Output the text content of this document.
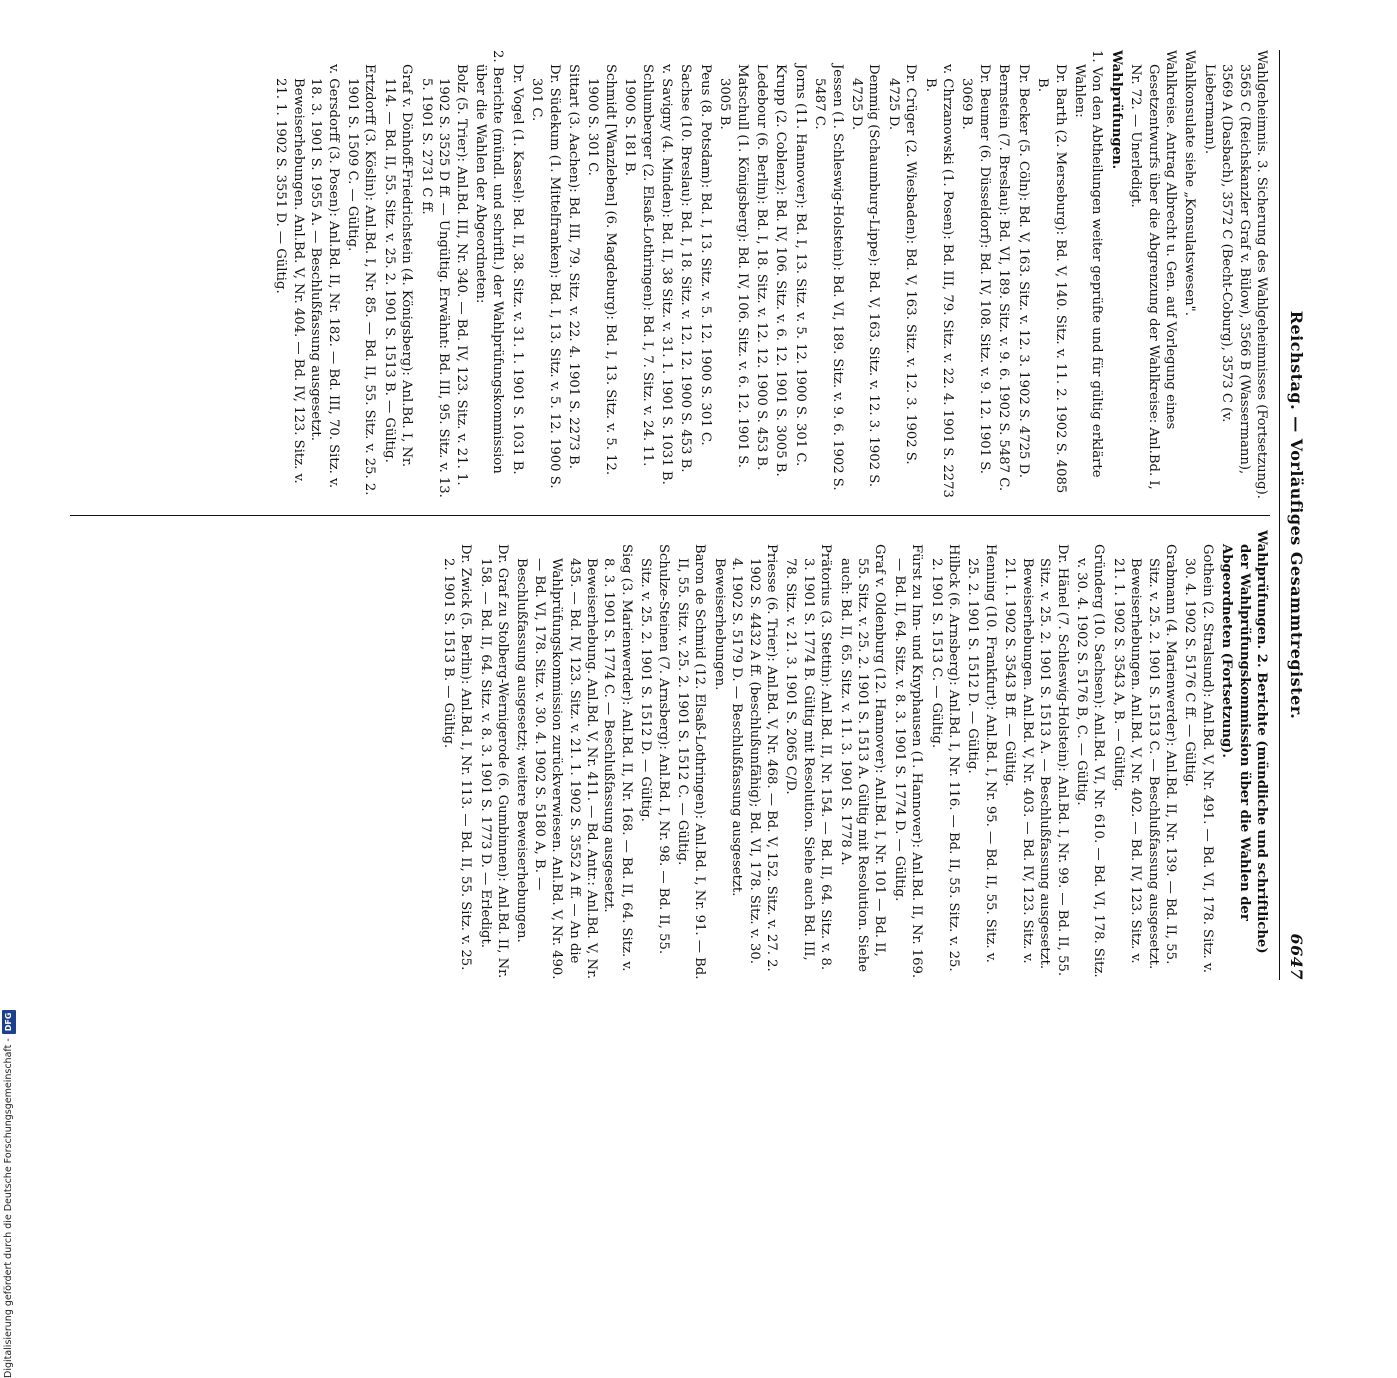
Reichstag. — Vorläufiges Gesammtregister.
6647

Wahlgeheimnis. 3. Sicherung des Wahlgeheimnisses (Fortsetzung). 3565 C (Reichskanzler Graf v. Bülow), 3566 B (Wassermann), 3569 A (Dasbach), 3572 C (Becht-Coburg), 3573 C (v. Liebermann).

Wahlkonsulate siehe „Konsulatswesen".

Wahlkreise. Antrag Albrecht u. Gen. auf Vorlegung eines Gesetzentwurfs über die Abgrenzung der Wahlkreise: Anl.Bd. I, Nr. 72. — Unerledigt.

Wahlprüfungen.

1. Von den Abtheilungen weiter geprüfte und für gültig erklärte Wahlen:

Dr. Barth (2. Merseburg): Bd. V, 140. Sitz. v. 11. 2. 1902 S. 4085 B.

Dr. Becker (5. Cöln): Bd. V, 163. Sitz. v. 12. 3. 1902 S. 4725 D.

Bernstein (7. Breslau): Bd. VI, 189. Sitz. v. 9. 6. 1902 S. 5487 C.

Dr. Beumer (6. Düsseldorf): Bd. IV, 108. Sitz. v. 9. 12. 1901 S. 3069 B.

v. Chrzanowski (1. Posen): Bd. III, 79. Sitz. v. 22. 4. 1901 S. 2273 B.

Dr. Crüger (2. Wiesbaden): Bd. V, 163. Sitz. v. 12. 3. 1902 S. 4725 D.

Demmig (Schaumburg-Lippe): Bd. V, 163. Sitz. v. 12. 3. 1902 S. 4725 D.

Jessen (1. Schleswig-Holstein): Bd. VI, 189. Sitz. v. 9. 6. 1902 S. 5487 C.

Jorns (11. Hannover): Bd. I, 13. Sitz. v. 5. 12. 1900 S. 301 C.

Krupp (2. Coblenz): Bd. IV, 106. Sitz. v. 6. 12. 1901 S. 3005 B.

Ledebour (6. Berlin): Bd. I, 18. Sitz. v. 12. 12. 1900 S. 453 B.

Matschull (1. Königsberg): Bd. IV, 106. Sitz. v. 6. 12. 1901 S. 3005 B.

Peus (8. Potsdam): Bd. I, 13. Sitz. v. 5. 12. 1900 S. 301 C.

Sachse (10. Breslau): Bd. I, 18. Sitz. v. 12. 12. 1900 S. 453 B.

v. Savigny (4. Minden): Bd. II, 38 Sitz. v. 31. 1. 1901 S. 1031 B.

Schlumberger (2. Elsaß-Lothringen): Bd. I, 7. Sitz. v. 24. 11. 1900 S. 181 B.

Schmidt [Wanzleben] (6. Magdeburg): Bd. I, 13. Sitz. v. 5. 12. 1900 S. 301 C.

Sittart (3. Aachen): Bd. III, 79. Sitz. v. 22. 4. 1901 S. 2273 B.

Dr. Südekum (1. Mittelfranken): Bd. I, 13. Sitz. v. 5. 12. 1900 S. 301 C.

Dr. Vogel (1. Kassel): Bd. II, 38. Sitz. v. 31. 1. 1901 S. 1031 B.

2. Berichte (mündl. und schriftl.) der Wahlprüfungskommission über die Wahlen der Abgeordneten:

Bolz (5. Trier): Anl.Bd. III, Nr. 340. — Bd. IV, 123. Sitz. v. 21. 1. 1902 S. 3525 D ff. — Ungültig. Erwähnt: Bd. III, 95. Sitz. v. 13. 5. 1901 S. 2731 C ff.

Graf v. Dönhoff-Friedrichstein (4. Königsberg): Anl.Bd. I, Nr. 114. — Bd. II, 55. Sitz. v. 25. 2. 1901 S. 1513 B. — Gültig.

Ertzdorff (3. Köslin): Anl.Bd. I, Nr. 85. — Bd. II, 55. Sitz. v. 25. 2. 1901 S. 1509 C. — Gültig.

v. Gersdorff (3. Posen): Anl.Bd. II, Nr. 182. — Bd. III, 70. Sitz. v. 18. 3. 1901 S. 1955 A. — Beschlußfassung ausgesetzt. Beweiserhebungen. Anl.Bd. V, Nr. 404. — Bd. IV, 123. Sitz. v. 21. 1. 1902 S. 3551 D. — Gültig.

Wahlprüfungen. 2. Berichte (mündliche und schriftliche) der Wahlprüfungskommission über die Wahlen der Abgeordneten (Fortsetzung).

Gothein (2. Stralsund): Anl.Bd. V, Nr. 491. — Bd. VI, 178. Sitz. v. 30. 4. 1902 S. 5176 C ff. — Gültig.

Grabmann (4. Marienwerder): Anl.Bd. II, Nr. 139. — Bd. II, 55. Sitz. v. 25. 2. 1901 S. 1513 C. — Beschlußfassung ausgesetzt. Beweiserhebungen. Anl.Bd. V, Nr. 402. — Bd. IV, 123. Sitz. v. 21. 1. 1902 S. 3543 A, B. — Gültig.

Gründerg (10. Sachsen): Anl.Bd. VI, Nr. 610. — Bd. VI, 178. Sitz. v. 30. 4. 1902 S. 5176 B, C. — Gültig.

Dr. Hänel (7. Schleswig-Holstein): Anl.Bd. I, Nr. 99. — Bd. II, 55. Sitz. v. 25. 2. 1901 S. 1513 A. — Beschlußfassung ausgesetzt. Beweiserhebungen. Anl.Bd. V, Nr. 403. — Bd. IV, 123. Sitz. v. 21. 1. 1902 S. 3543 B ff. — Gültig.

Henning (10. Frankfurt): Anl.Bd. I, Nr. 95. — Bd. II, 55. Sitz. v. 25. 2. 1901 S. 1512 D. — Gültig.

Hilbck (6. Arnsberg): Anl.Bd. I, Nr. 116. — Bd. II, 55. Sitz. v. 25. 2. 1901 S. 1513 C. — Gültig.

Fürst zu Inn- und Knyphausen (1. Hannover): Anl.Bd. II, Nr. 169. — Bd. II, 64. Sitz. v. 8. 3. 1901 S. 1774 D. — Gültig.

Graf v. Oldenburg (12. Hannover): Anl.Bd. I, Nr. 101 — Bd. II, 55. Sitz. v. 25. 2. 1901 S. 1513 A. Gültig mit Resolution. Siehe auch: Bd. II, 65. Sitz. v. 11. 3. 1901 S. 1778 A.

Prätorius (3. Stettin): Anl.Bd. II, Nr. 154. — Bd. II, 64. Sitz. v. 8. 3. 1901 S. 1774 B. Gültig mit Resolution. Siehe auch Bd. III, 78. Sitz. v. 21. 3. 1901 S. 2065 C/D.

Priesse (6. Trier): Anl.Bd. V, Nr. 468. — Bd. V, 152. Sitz. v. 27. 2. 1902 S. 4432 A ff. (beschlußunfähig); Bd. VI, 178. Sitz. v. 30. 4. 1902 S. 5179 D. — Beschlußfassung ausgesetzt. Beweiserhebungen.

Baron de Schmid (12. Elsaß-Lothringen): Anl.Bd. I, Nr. 91. — Bd. II, 55. Sitz. v. 25. 2. 1901 S. 1512 C. — Gültig.

Schulze-Steinen (7. Arnsberg): Anl.Bd. I, Nr. 98. — Bd. II, 55. Sitz. v. 25. 2. 1901 S. 1512 D. — Gültig.

Sieg (3. Marienwerder): Anl.Bd. II, Nr. 168. — Bd. II, 64. Sitz. v. 8. 3. 1901 S. 1774 C. — Beschlußfassung ausgesetzt. Beweiserhebung. Anl.Bd. V, Nr. 411. — Bd. Antr.: Anl.Bd. V, Nr. 435. — Bd. IV, 123. Sitz. v. 21. 1. 1902 S. 3552 A ff. — An die Wahlprüfungskommission zurückverwiesen. Anl.Bd. V, Nr. 490. — Bd. VI, 178. Sitz. v. 30. 4. 1902 S. 5180 A, B. — Beschlußfassung ausgesetzt; weitere Beweiserhebungen.

Dr. Graf zu Stolberg-Wernigerode (6. Gumbinnen): Anl.Bd. II, Nr. 158. — Bd. II, 64. Sitz. v. 8. 3. 1901 S. 1773 D. — Erledigt.

Dr. Zwick (5. Berlin): Anl.Bd. I, Nr. 113. — Bd. II, 55. Sitz. v. 25. 2. 1901 S. 1513 B. — Gültig.

Digitalisierung gefördert durch die Deutsche Forschungsgemeinschaft -DFG
